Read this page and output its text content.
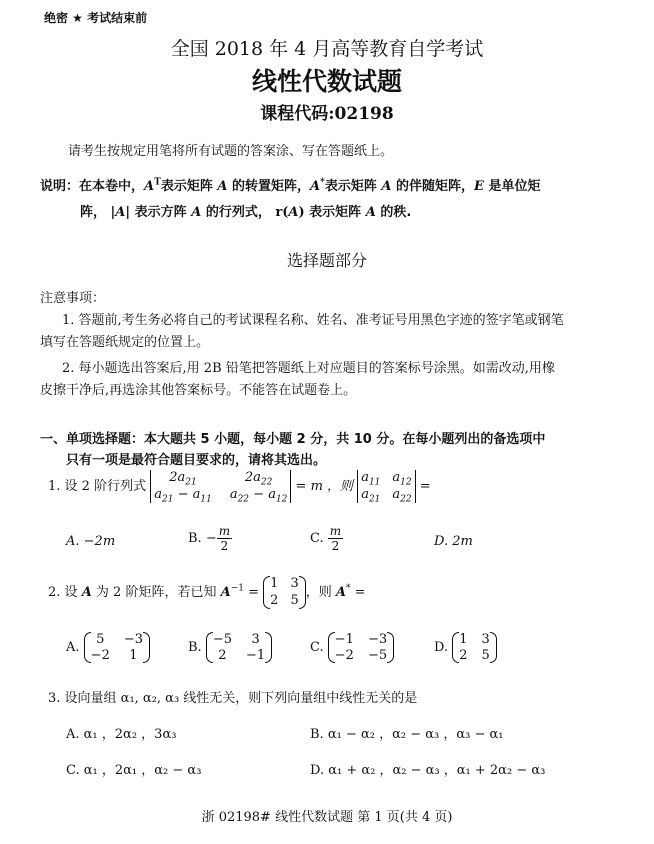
绝密 ★ 考试结束前
全国 2018 年 4 月高等教育自学考试
线性代数试题
课程代码:02198
请考生按规定用笔将所有试题的答案涂、写在答题纸上。
说明：在本卷中，$A^T$表示矩阵 A 的转置矩阵，A*表示矩阵 A 的伴随矩阵，E 是单位矩
阵， |A| 表示方阵 A 的行列式， r(A) 表示矩阵 A 的秩.
选择题部分
注意事项：
1. 答题前,考生务必将自己的考试课程名称、姓名、准考证号用黑色字迹的签字笔或钢笔
填写在答题纸规定的位置上。
2. 每小题选出答案后,用 2B 铅笔把答题纸上对应题目的答案标号涂黑。如需改动,用橡
皮擦干净后,再选涂其他答案标号。不能答在试题卷上。
一、单项选择题：本大题共 5 小题，每小题 2 分，共 10 分。在每小题列出的备选项中
只有一项是最符合题目要求的，请将其选出。
1. 设 2 阶行列式
$2a_{21}$	$2a_{22}$
$a_{21} - a_{11}$ $a_{22} - a_{12}$
= m ，则
$a_{11}$ $a_{12}$
$a_{21}$ $a_{22}$
=
A. −2m	B. − $\frac{m}{2}$	C. $\frac{m}{2}$	D. 2m
2. 设 A 为 2 阶矩阵，若已知 $A^{-1}$ =
1 3
2 5
，则 A* =
A.
5	−3
−2	1
B.
−5	3
2	−1
C.
−1 −3
−2 −5
D.
1 3
2 5
3. 设向量组 α₁, α₂, α₃ 线性无关，则下列向量组中线性无关的是
A. α₁ ，2α₂ ，3α₃	B. α₁ − α₂ ，α₂ − α₃ ，α₃ − α₁
C. α₁ ，2α₁ ，α₂ − α₃	D. α₁ + α₂ ，α₂ − α₃ ，α₁ + 2α₂ − α₃
浙 02198# 线性代数试题 第 1 页(共 4 页)
